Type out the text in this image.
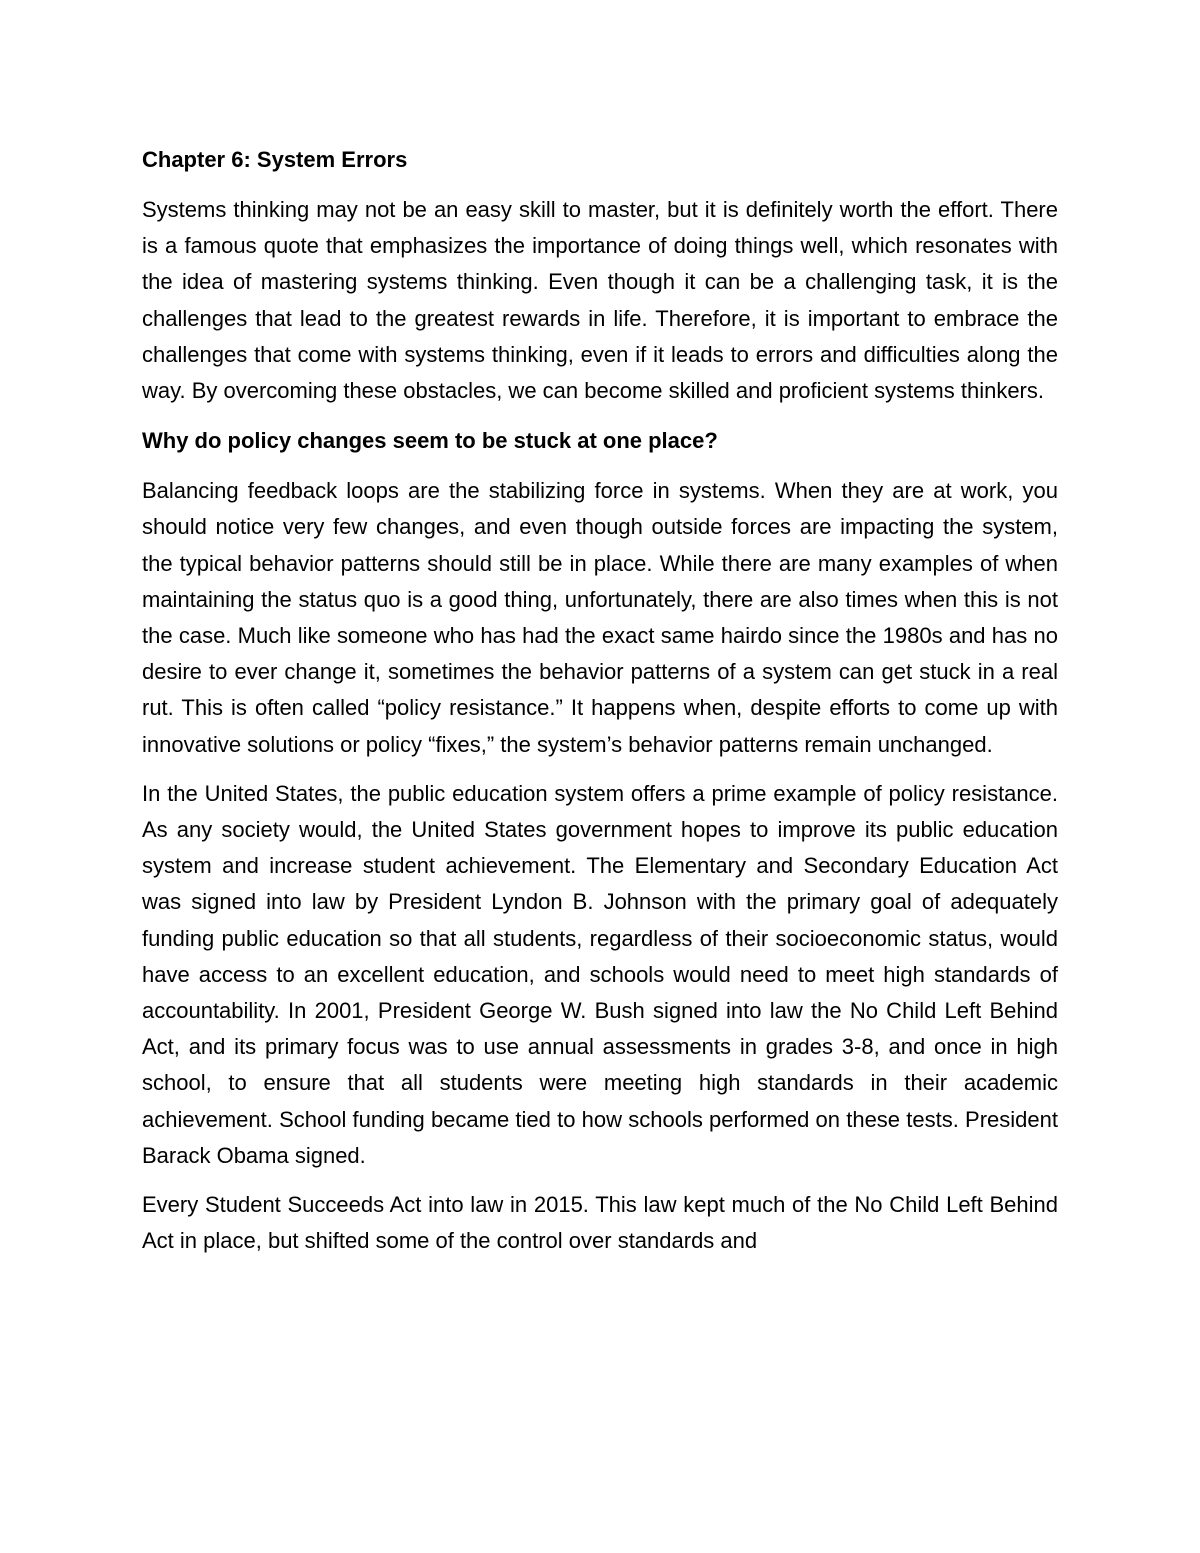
Chapter 6: System Errors

Systems thinking may not be an easy skill to master, but it is definitely worth the effort. There is a famous quote that emphasizes the importance of doing things well, which resonates with the idea of mastering systems thinking. Even though it can be a challenging task, it is the challenges that lead to the greatest rewards in life. Therefore, it is important to embrace the challenges that come with systems thinking, even if it leads to errors and difficulties along the way. By overcoming these obstacles, we can become skilled and proficient systems thinkers.

Why do policy changes seem to be stuck at one place?

Balancing feedback loops are the stabilizing force in systems. When they are at work, you should notice very few changes, and even though outside forces are impacting the system, the typical behavior patterns should still be in place. While there are many examples of when maintaining the status quo is a good thing, unfortunately, there are also times when this is not the case. Much like someone who has had the exact same hairdo since the 1980s and has no desire to ever change it, sometimes the behavior patterns of a system can get stuck in a real rut. This is often called “policy resistance.” It happens when, despite efforts to come up with innovative solutions or policy “fixes,” the system’s behavior patterns remain unchanged.

In the United States, the public education system offers a prime example of policy resistance. As any society would, the United States government hopes to improve its public education system and increase student achievement. The Elementary and Secondary Education Act was signed into law by President Lyndon B. Johnson with the primary goal of adequately funding public education so that all students, regardless of their socioeconomic status, would have access to an excellent education, and schools would need to meet high standards of accountability. In 2001, President George W. Bush signed into law the No Child Left Behind Act, and its primary focus was to use annual assessments in grades 3-8, and once in high school, to ensure that all students were meeting high standards in their academic achievement. School funding became tied to how schools performed on these tests. President Barack Obama signed.

Every Student Succeeds Act into law in 2015. This law kept much of the No Child Left Behind Act in place, but shifted some of the control over standards and
